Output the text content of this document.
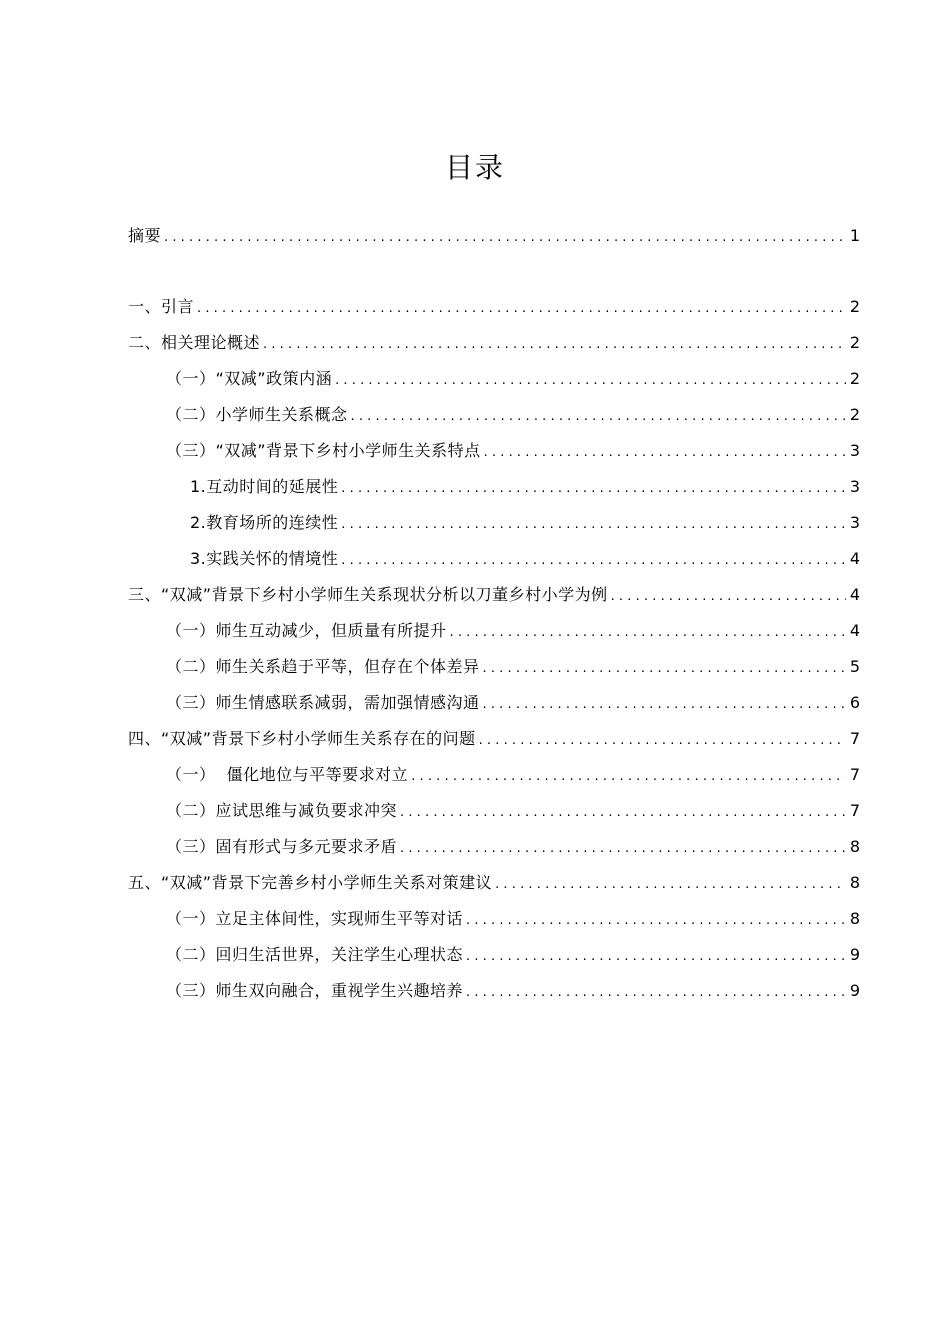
目录
摘要 .....	1
一、引言 .....	2
二、相关理论概述 .....	2
（一）“双减”政策内涵 .....	2
（二）小学师生关系概念 .....	2
（三）“双减”背景下乡村小学师生关系特点 .....	3
1.互动时间的延展性 .....	3
2.教育场所的连续性 .....	3
3.实践关怀的情境性 .....	4
三、“双减”背景下乡村小学师生关系现状分析以刀董乡村小学为例 .....	4
（一）师生互动减少，但质量有所提升 .....	4
（二）师生关系趋于平等，但存在个体差异 .....	5
（三）师生情感联系减弱，需加强情感沟通 .....	6
四、“双减”背景下乡村小学师生关系存在的问题 .....	7
（一）  僵化地位与平等要求对立 .....	7
（二）应试思维与减负要求冲突 .....	7
（三）固有形式与多元要求矛盾 .....	8
五、“双减”背景下完善乡村小学师生关系对策建议 .....	8
（一）立足主体间性，实现师生平等对话 .....	8
（二）回归生活世界，关注学生心理状态 .....	9
（三）师生双向融合，重视学生兴趣培养 .....	9
